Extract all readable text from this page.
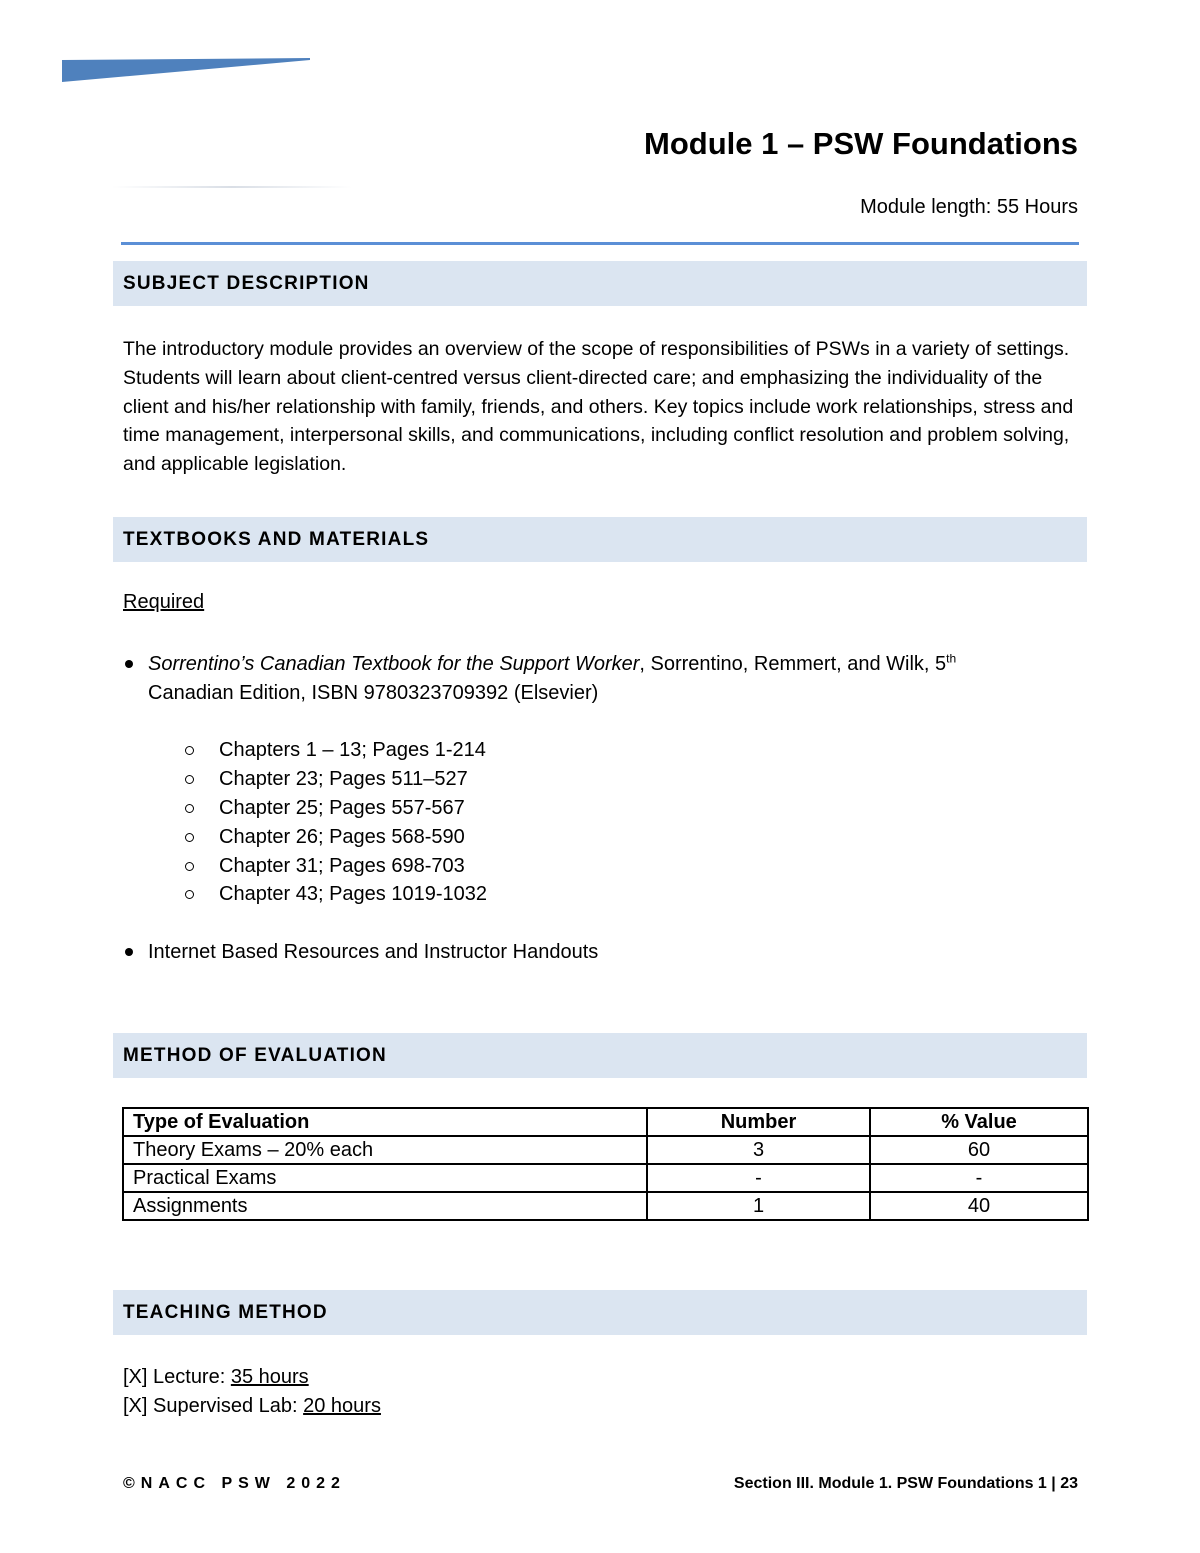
Module 1 – PSW Foundations
Module length: 55 Hours
SUBJECT DESCRIPTION
The introductory module provides an overview of the scope of responsibilities of PSWs in a variety of settings. Students will learn about client-centred versus client-directed care; and emphasizing the individuality of the client and his/her relationship with family, friends, and others. Key topics include work relationships, stress and time management, interpersonal skills, and communications, including conflict resolution and problem solving, and applicable legislation.
TEXTBOOKS AND MATERIALS
Required
Sorrentino’s Canadian Textbook for the Support Worker, Sorrentino, Remmert, and Wilk, 5th
Canadian Edition, ISBN 9780323709392 (Elsevier)
Chapters 1 – 13; Pages 1-214
Chapter 23; Pages 511–527
Chapter 25; Pages 557-567
Chapter 26; Pages 568-590
Chapter 31; Pages 698-703
Chapter 43; Pages 1019-1032
Internet Based Resources and Instructor Handouts
METHOD OF EVALUATION
Type of Evaluation	Number	% Value
Theory Exams – 20% each	3	60
Practical Exams	-	-
Assignments	1	40
TEACHING METHOD
[X] Lecture: 35 hours
[X] Supervised Lab: 20 hours
©NACC PSW 2022	Section III. Module 1. PSW Foundations 1 | 23
